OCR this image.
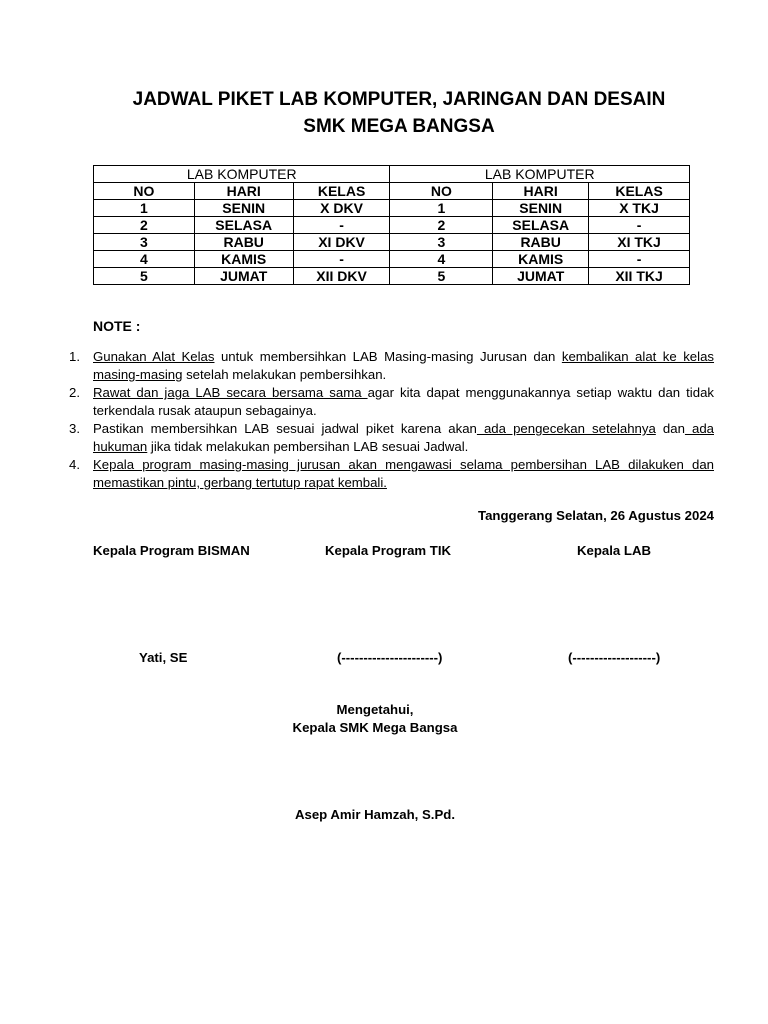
JADWAL PIKET LAB KOMPUTER, JARINGAN DAN DESAIN
SMK MEGA BANGSA
LAB KOMPUTER			LAB KOMPUTER		
NO	HARI	KELAS	NO	HARI	KELAS
1	SENIN	X DKV	1	SENIN	X TKJ
2	SELASA	-	2	SELASA	-
3	RABU	XI DKV	3	RABU	XI TKJ
4	KAMIS	-	4	KAMIS	-
5	JUMAT	XII DKV	5	JUMAT	XII TKJ
NOTE :
1. Gunakan Alat Kelas untuk membersihkan LAB Masing-masing Jurusan dan kembalikan alat ke kelas masing-masing setelah melakukan pembersihkan.
2. Rawat dan jaga LAB secara bersama sama agar kita dapat menggunakannya setiap waktu dan tidak terkendala rusak ataupun sebagainya.
3. Pastikan membersihkan LAB sesuai jadwal piket karena akan ada pengecekan setelahnya dan ada hukuman jika tidak melakukan pembersihan LAB sesuai Jadwal.
4. Kepala program masing-masing jurusan akan mengawasi selama pembersihan LAB dilakuken dan memastikan pintu, gerbang tertutup rapat kembali.
Tanggerang Selatan, 26 Agustus 2024
Kepala Program BISMAN	Kepala Program TIK	Kepala LAB
Yati, SE	(----------------------)	(-------------------)
Mengetahui,
Kepala SMK Mega Bangsa
Asep Amir Hamzah, S.Pd.
